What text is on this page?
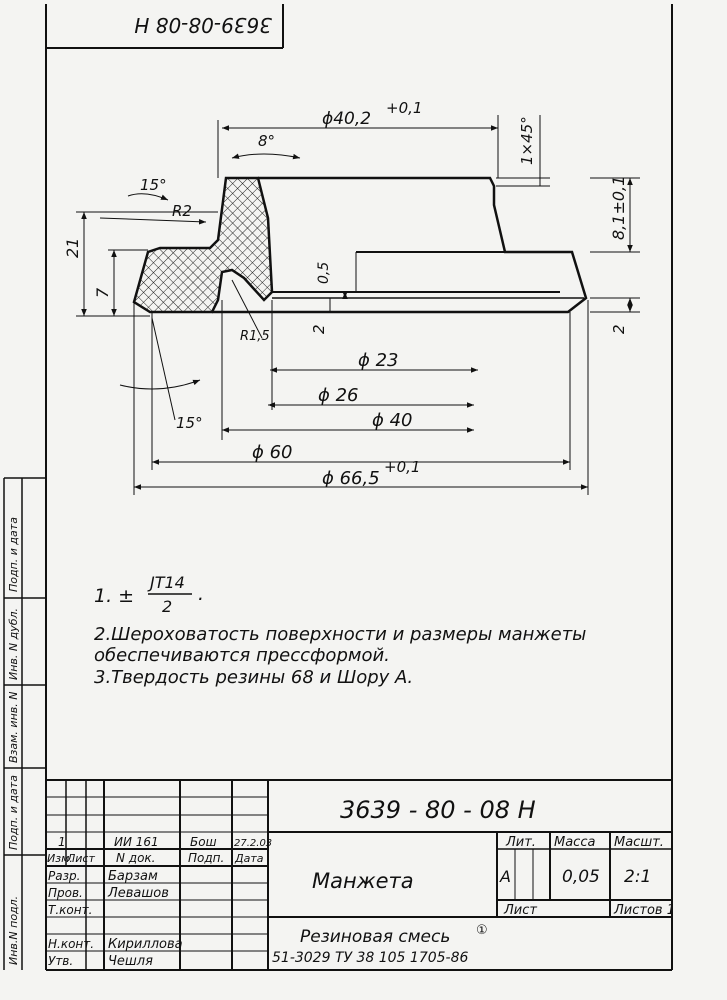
Инв.N подл.
Подп. и дата
Взам. инв. N
Инв. N дубл.
Подп. и дата
3639-08-08 H
ϕ40,2
+0,1
1×45°
8°
15°
R2
21
7
0,5
2
R1,5
8,1±0,1
2
ϕ 23
ϕ 26
ϕ 40
15°
ϕ 60
ϕ 66,5
+0,1
1. ±
JT14
2
.
2.Шероховатость поверхности и размеры манжеты
обеспечиваются прессформой.
3.Твердость резины 68 и Шору А.
3639 - 80 - 08 H
Манжета
Резиновая смесь ①
51-3029 ТУ 38 105 1705-86
Лит. Масса Масшт.
A	0,05 2:1
Лист	Листов 1
1	ИИ 161	Бош 27.2.03
Изм.
Лист N док.	Подп. Дата
Разр. Барзам
Пров. Левашов
Т.конт.
Н.конт. Кириллова
Утв.	Чешля
